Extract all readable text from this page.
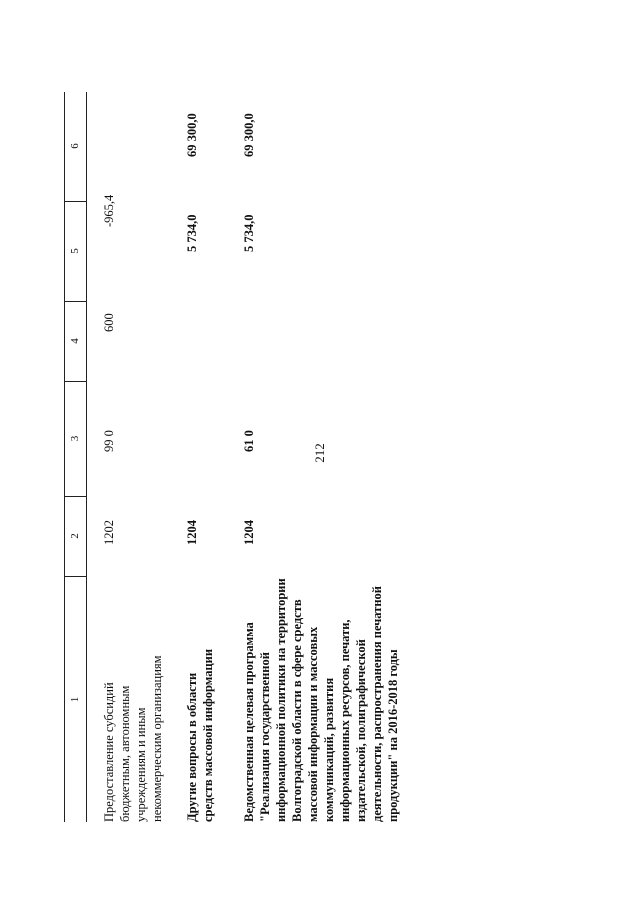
212
1
2
3
4
5
6
Предоставление субсидий бюджетным, автономным учреждениям и иным некоммерческим организациям
1202
99 0
600
-965,4
Другие вопросы в области средств массовой информации
1204
5 734,0
69 300,0
Ведомственная целевая программа "Реализация государственной информационной политики на территории Волгоградской области в сфере средств массовой информации и массовых коммуникаций, развития информационных ресурсов, печати, издательской, полиграфической деятельности, распространения печатной продукции" на 2016-2018 годы
1204
61 0
5 734,0
69 300,0
